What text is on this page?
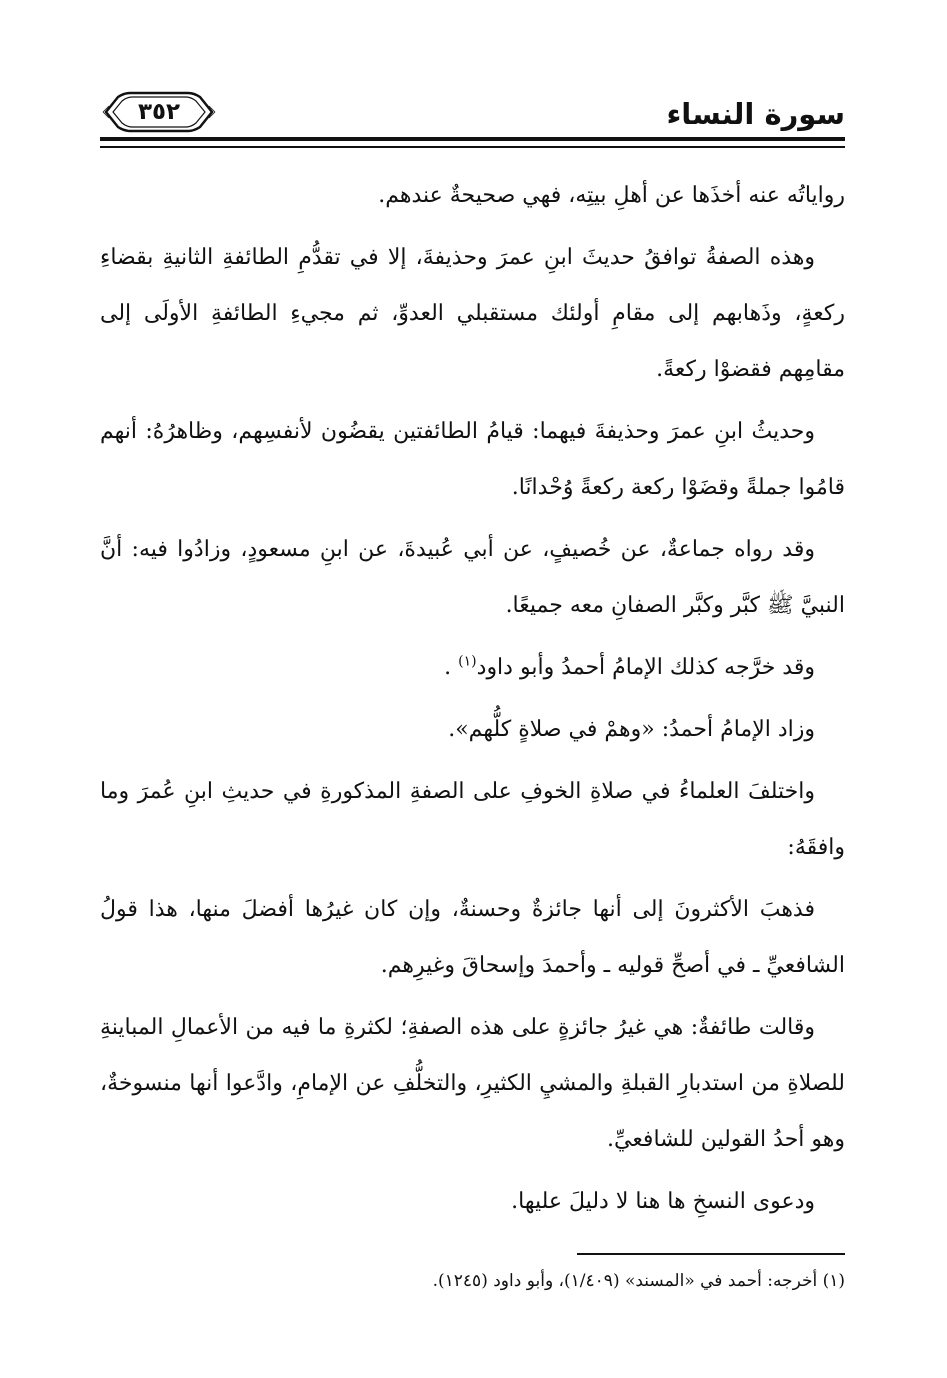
سورة النساء
٣٥٢

رواياتُه عنه أخذَها عن أهلِ بيتِه، فهي صحيحةٌ عندهم.

وهذه الصفةُ توافقُ حديثَ ابنِ عمرَ وحذيفةَ، إلا في تقدُّمِ الطائفةِ الثانيةِ بقضاءِ ركعةٍ، وذَهابهم إلى مقامِ أولئك مستقبلي العدوِّ، ثم مجيءِ الطائفةِ الأولَى إلى مقامِهم فقضوْا ركعةً.

وحديثُ ابنِ عمرَ وحذيفةَ فيهما: قيامُ الطائفتين يقضُون لأنفسِهم، وظاهرُهُ: أنهم قامُوا جملةً وقضَوْا ركعة ركعةً وُحْدانًا.

وقد رواه جماعةٌ، عن خُصيفٍ، عن أبي عُبيدةَ، عن ابنِ مسعودٍ، وزادُوا فيه: أنَّ النبيَّ ﷺ كبَّر وكبَّر الصفانِ معه جميعًا.

وقد خرَّجه كذلك الإمامُ أحمدُ وأبو داود$^{(١)}$ .

وزاد الإمامُ أحمدُ: «وهمْ في صلاةٍ كلُّهم».

واختلفَ العلماءُ في صلاةِ الخوفِ على الصفةِ المذكورةِ في حديثِ ابنِ عُمرَ وما وافقَهُ:

فذهبَ الأكثرونَ إلى أنها جائزةٌ وحسنةٌ، وإن كان غيرُها أفضلَ منها، هذا قولُ الشافعيِّ ـ في أصحِّ قوليه ـ وأحمدَ وإسحاقَ وغيرِهم.

وقالت طائفةٌ: هي غيرُ جائزةٍ على هذه الصفةِ؛ لكثرةِ ما فيه من الأعمالِ المباينةِ للصلاةِ من استدبارِ القبلةِ والمشيِ الكثيرِ، والتخلُّفِ عن الإمامِ، وادَّعوا أنها منسوخةٌ، وهو أحدُ القولين للشافعيِّ.

ودعوى النسخِ ها هنا لا دليلَ عليها.

(١) أخرجه: أحمد في «المسند» (١/٤٠٩)، وأبو داود (١٢٤٥).
